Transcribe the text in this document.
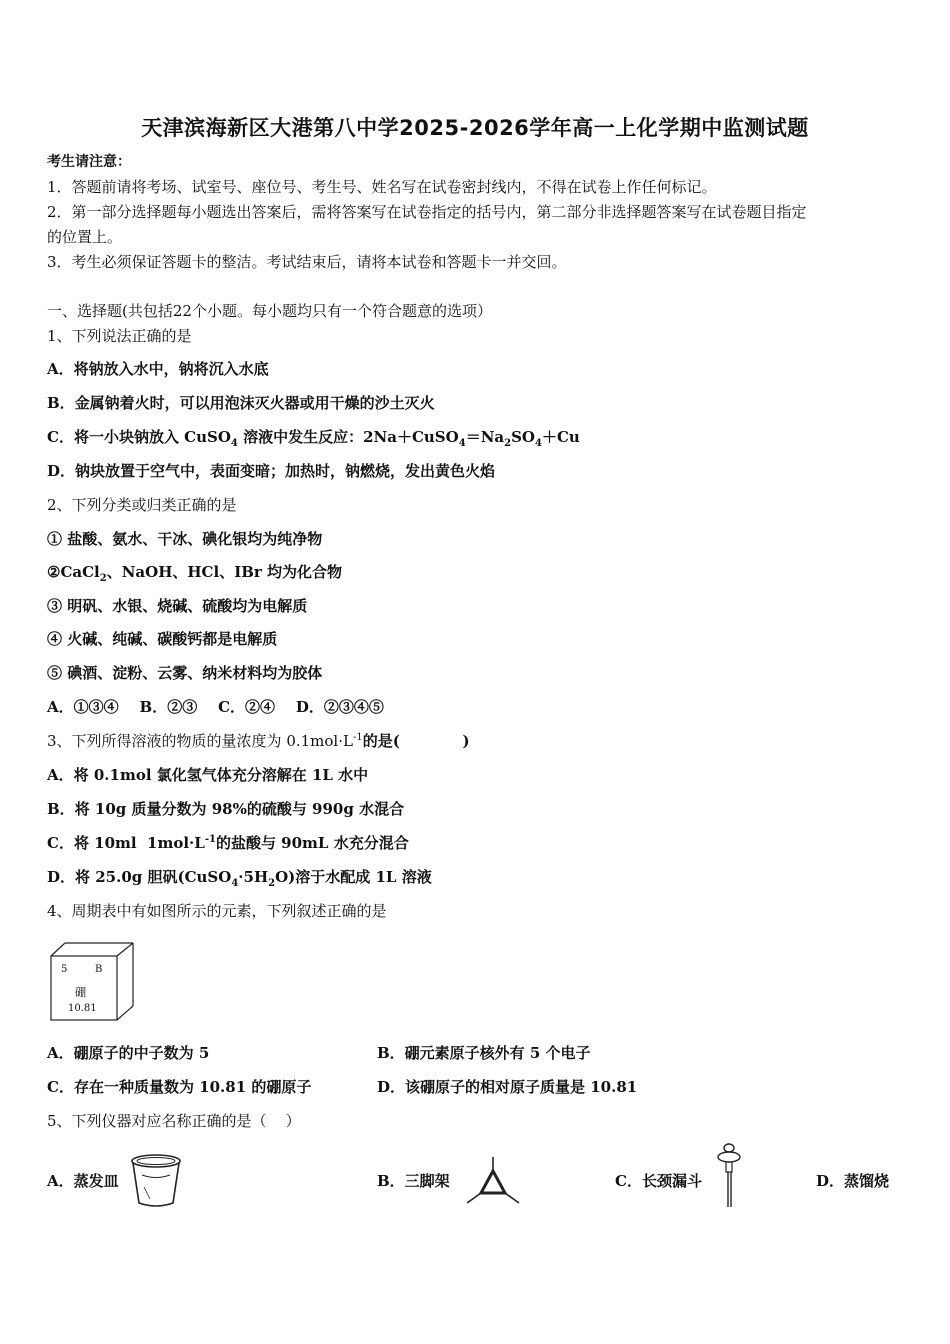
天津滨海新区大港第八中学2025-2026学年高一上化学期中监测试题
考生请注意：
1．答题前请将考场、试室号、座位号、考生号、姓名写在试卷密封线内，不得在试卷上作任何标记。
2．第一部分选择题每小题选出答案后，需将答案写在试卷指定的括号内，第二部分非选择题答案写在试卷题目指定
的位置上。
3．考生必须保证答题卡的整洁。考试结束后，请将本试卷和答题卡一并交回。
一、选择题(共包括22个小题。每小题均只有一个符合题意的选项）
1、下列说法正确的是
A．将钠放入水中，钠将沉入水底
B．金属钠着火时，可以用泡沫灭火器或用干燥的沙土灭火
C．将一小块钠放入 CuSO$_4$ 溶液中发生反应：$2Na+CuSO_4=Na_2SO_4+Cu$
D．钠块放置于空气中，表面变暗；加热时，钠燃烧，发出黄色火焰
2、下列分类或归类正确的是
① 盐酸、氨水、干冰、碘化银均为纯净物
②CaCl$_2$、NaOH、HCl、IBr 均为化合物
③ 明矾、水银、烧碱、硫酸均为电解质
④ 火碱、纯碱、碳酸钙都是电解质
⑤ 碘酒、淀粉、云雾、纳米材料均为胶体
A．①③④    B．②③    C．②④    D．②③④⑤
3、下列所得溶液的物质的量浓度为 $0.1mol\cdot L^{-1}$的是(            )
A．将 0.1mol 氯化氢气体充分溶解在 1L 水中
B．将 10g 质量分数为 98%的硫酸与 990g 水混合
C．将 10ml  $1mol\cdot L^{-1}$的盐酸与 90mL 水充分混合
D．将 25.0g 胆矾$(CuSO_4\cdot 5H_2O)$溶于水配成 1L 溶液
4、周期表中有如图所示的元素，下列叙述正确的是
5	B
硼
10.81
A．硼原子的中子数为 5	B．硼元素原子核外有 5 个电子
C．存在一种质量数为 10.81 的硼原子	D．该硼原子的相对原子质量是 10.81
5、下列仪器对应名称正确的是（    ）
A．蒸发皿	B．三脚架	C．长颈漏斗	D．蒸馏烧
